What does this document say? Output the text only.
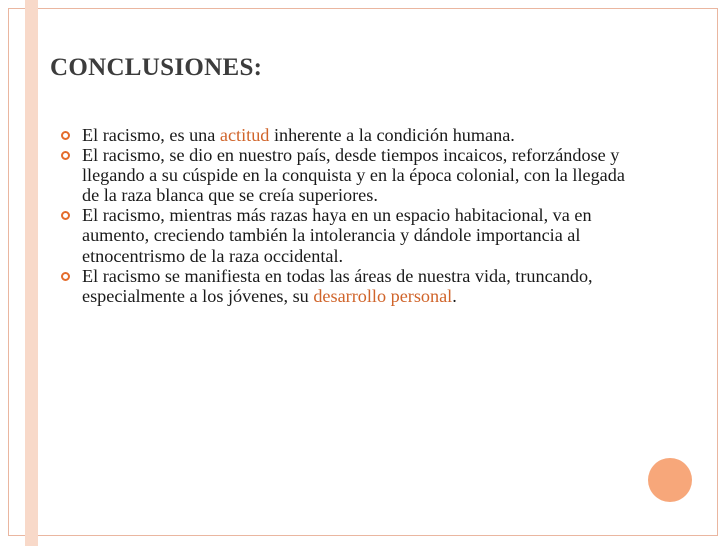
CONCLUSIONES:
El racismo, es una actitud inherente a la condición humana.
El racismo, se dio en nuestro país, desde tiempos incaicos, reforzándose y llegando a su cúspide en la conquista y en la época colonial, con la llegada de la raza blanca que se creía superiores.
El racismo, mientras más razas haya en un espacio habitacional, va en aumento, creciendo también la intolerancia y dándole importancia al etnocentrismo de la raza occidental.
El racismo se manifiesta en todas las áreas de nuestra vida, truncando, especialmente a los jóvenes, su desarrollo personal.
